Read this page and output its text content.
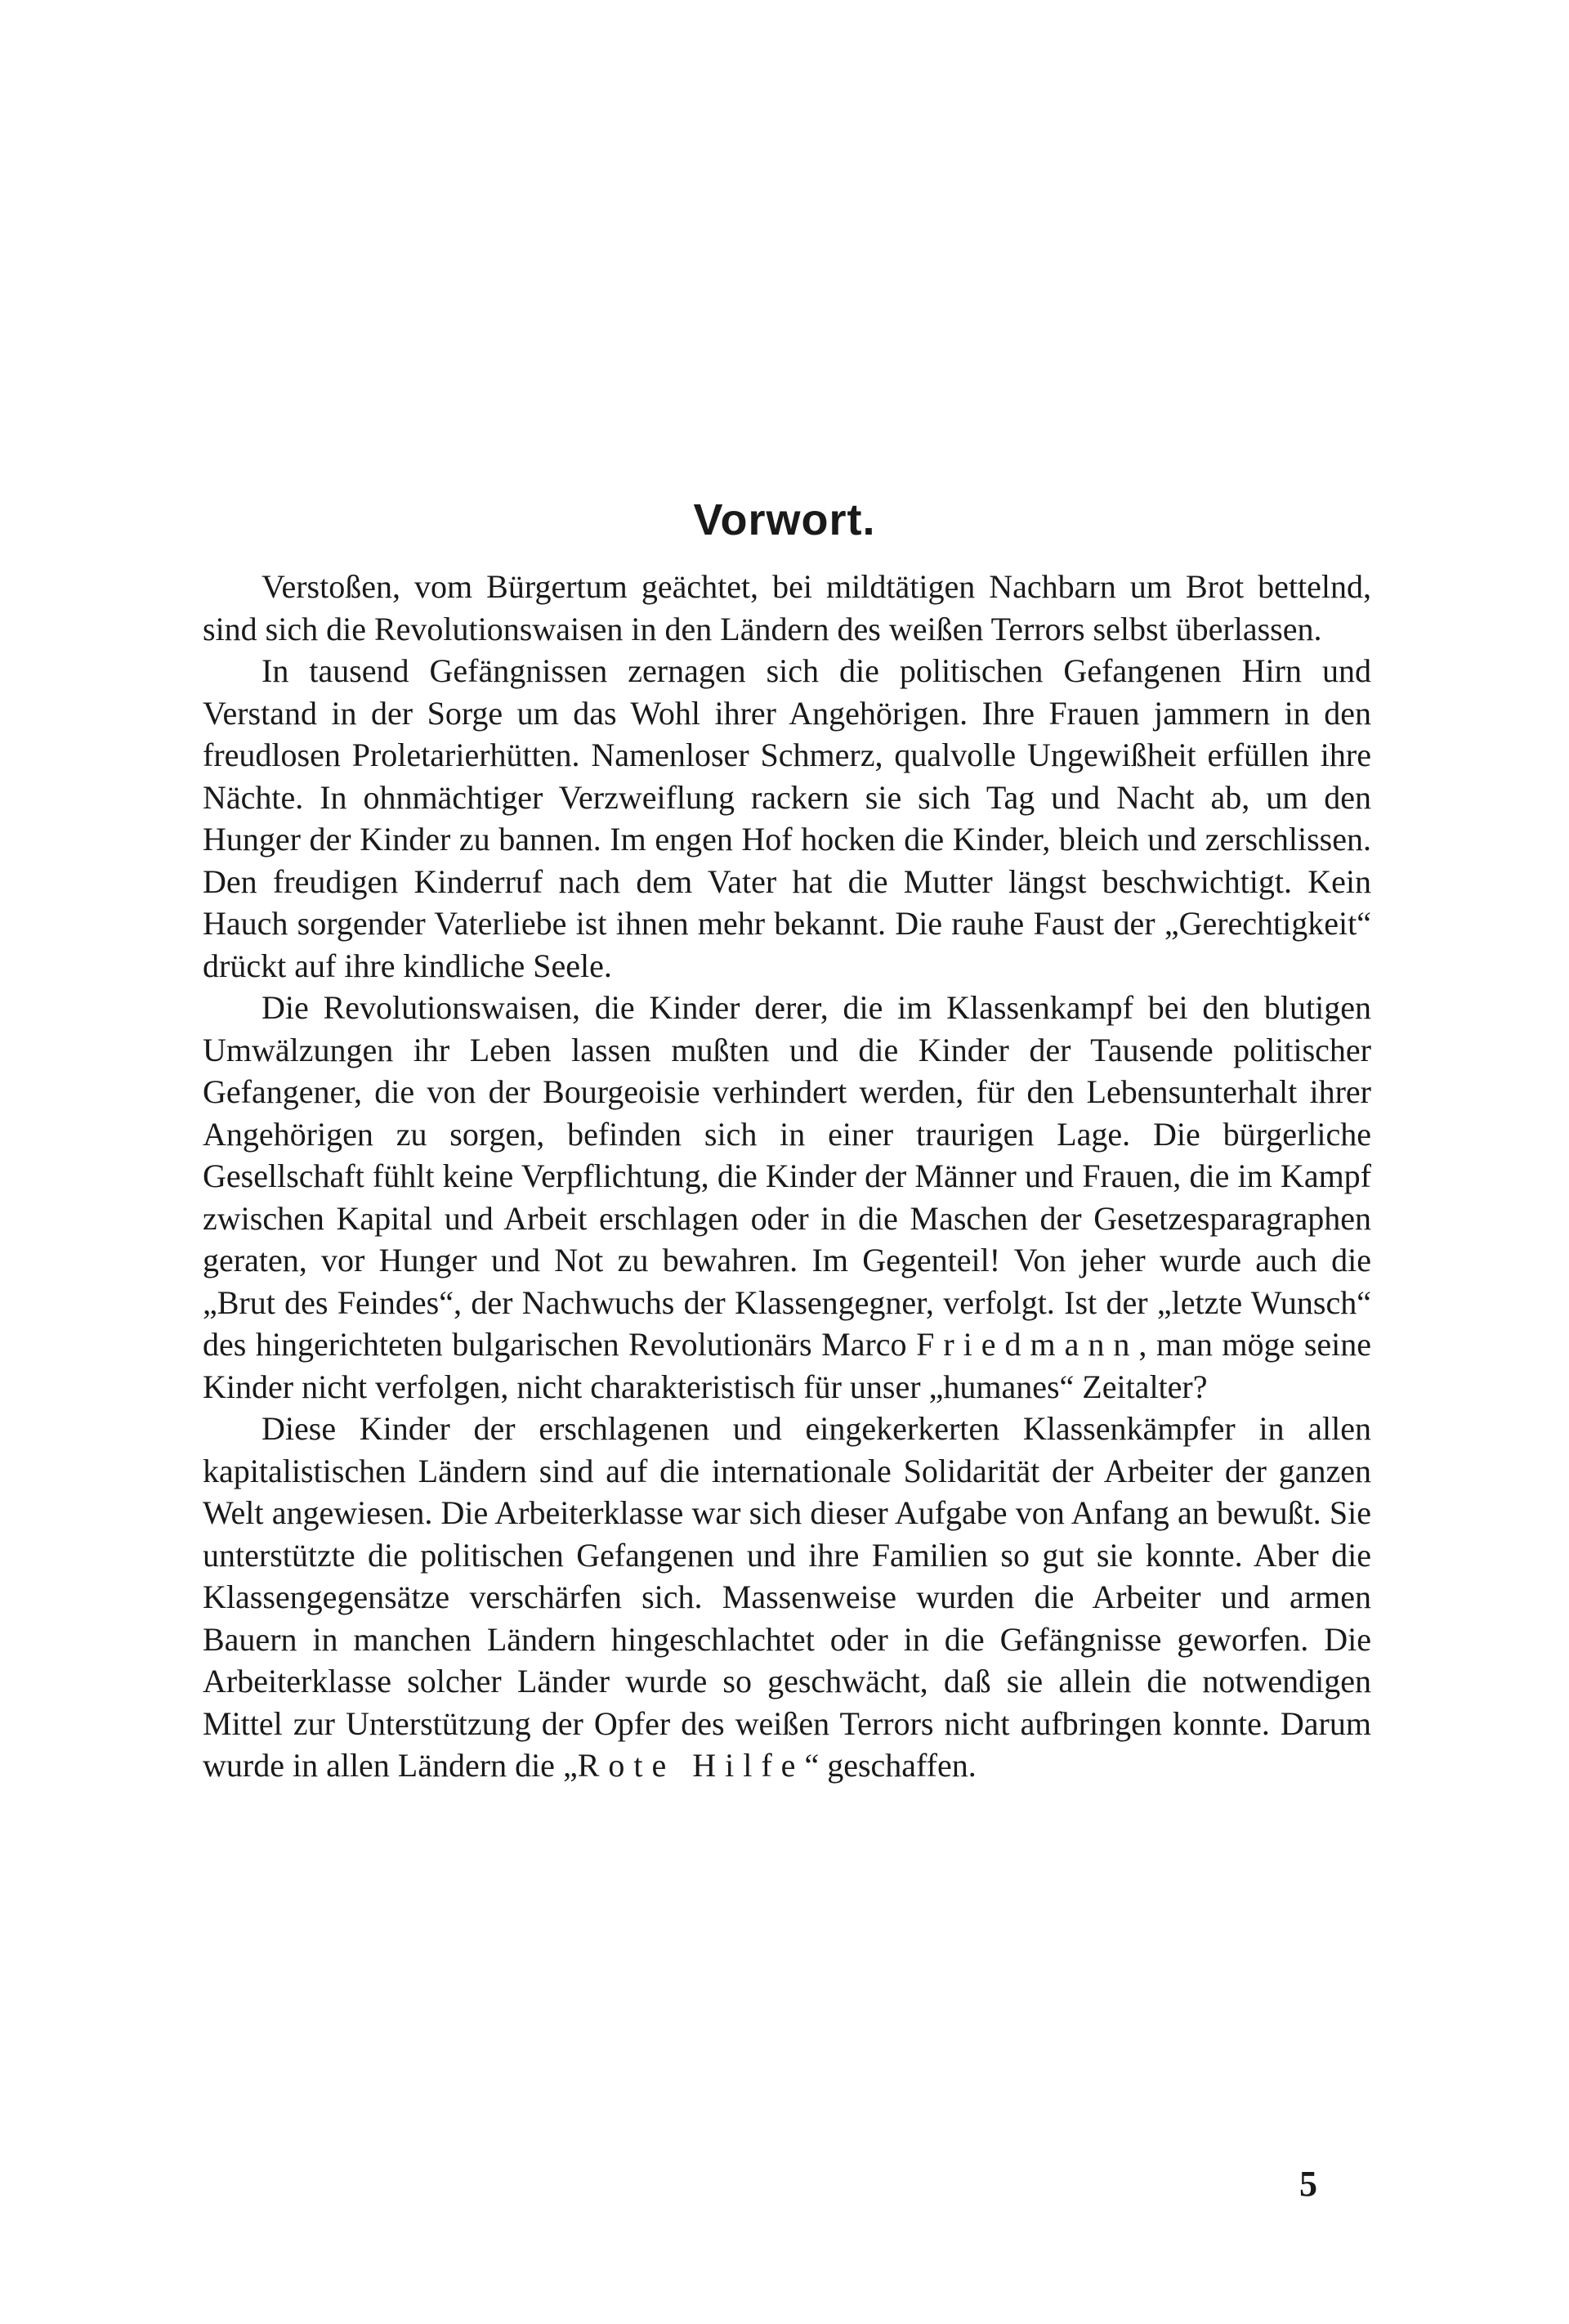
Vorwort.

Verstoßen, vom Bürgertum geächtet, bei mildtätigen Nachbarn um Brot bettelnd, sind sich die Revolutionswaisen in den Ländern des weißen Terrors selbst überlassen.

In tausend Gefängnissen zernagen sich die politischen Gefangenen Hirn und Verstand in der Sorge um das Wohl ihrer Angehörigen. Ihre Frauen jammern in den freudlosen Proletarierhütten. Namenloser Schmerz, qualvolle Ungewißheit erfüllen ihre Nächte. In ohnmächtiger Verzweiflung rackern sie sich Tag und Nacht ab, um den Hunger der Kinder zu bannen. Im engen Hof hocken die Kinder, bleich und zerschlissen. Den freudigen Kinderruf nach dem Vater hat die Mutter längst beschwichtigt. Kein Hauch sorgender Vaterliebe ist ihnen mehr bekannt. Die rauhe Faust der „Gerechtigkeit“ drückt auf ihre kindliche Seele.

Die Revolutionswaisen, die Kinder derer, die im Klassenkampf bei den blutigen Umwälzungen ihr Leben lassen mußten und die Kinder der Tausende politischer Gefangener, die von der Bourgeoisie verhindert werden, für den Lebensunterhalt ihrer Angehörigen zu sorgen, befinden sich in einer traurigen Lage. Die bürgerliche Gesellschaft fühlt keine Verpflichtung, die Kinder der Männer und Frauen, die im Kampf zwischen Kapital und Arbeit erschlagen oder in die Maschen der Gesetzesparagraphen geraten, vor Hunger und Not zu bewahren. Im Gegenteil! Von jeher wurde auch die „Brut des Feindes“, der Nachwuchs der Klassengegner, verfolgt. Ist der „letzte Wunsch“ des hingerichteten bulgarischen Revolutionärs Marco Friedmann, man möge seine Kinder nicht verfolgen, nicht charakteristisch für unser „humanes“ Zeitalter?

Diese Kinder der erschlagenen und eingekerkerten Klassenkämpfer in allen kapitalistischen Ländern sind auf die internationale Solidarität der Arbeiter der ganzen Welt angewiesen. Die Arbeiterklasse war sich dieser Aufgabe von Anfang an bewußt. Sie unterstützte die politischen Gefangenen und ihre Familien so gut sie konnte. Aber die Klassengegensätze verschärfen sich. Massenweise wurden die Arbeiter und armen Bauern in manchen Ländern hingeschlachtet oder in die Gefängnisse geworfen. Die Arbeiterklasse solcher Länder wurde so geschwächt, daß sie allein die notwendigen Mittel zur Unterstützung der Opfer des weißen Terrors nicht aufbringen konnte. Darum wurde in allen Ländern die „Rote Hilfe“ geschaffen.

5
